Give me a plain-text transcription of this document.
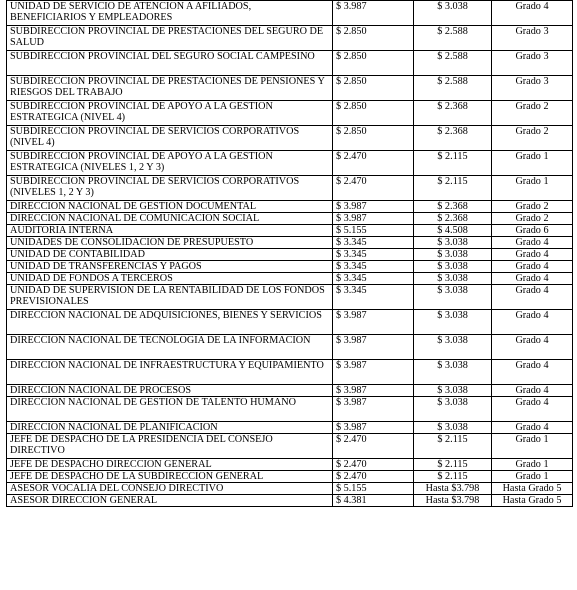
UNIDAD DE SERVICIO DE ATENCION A AFILIADOS, BENEFICIARIOS Y EMPLEADORES	$ 3.987	$ 3.038	Grado 4
SUBDIRECCION PROVINCIAL DE PRESTACIONES DEL SEGURO DE SALUD	$ 2.850	$ 2.588	Grado 3
SUBDIRECCION PROVINCIAL DEL SEGURO SOCIAL CAMPESINO	$ 2.850	$ 2.588	Grado 3
SUBDIRECCION PROVINCIAL DE PRESTACIONES DE PENSIONES Y RIESGOS DEL TRABAJO	$ 2.850	$ 2.588	Grado 3
SUBDIRECCION PROVINCIAL DE APOYO A LA GESTION ESTRATEGICA (NIVEL 4)	$ 2.850	$ 2.368	Grado 2
SUBDIRECCION PROVINCIAL DE SERVICIOS CORPORATIVOS (NIVEL 4)	$ 2.850	$ 2.368	Grado 2
SUBDIRECCION PROVINCIAL DE APOYO A LA GESTION ESTRATEGICA (NIVELES 1, 2 Y 3)	$ 2.470	$ 2.115	Grado 1
SUBDIRECCION PROVINCIAL DE SERVICIOS CORPORATIVOS (NIVELES 1, 2 Y 3)	$ 2.470	$ 2.115	Grado 1
DIRECCION NACIONAL DE GESTION DOCUMENTAL	$ 3.987	$ 2.368	Grado 2
DIRECCION NACIONAL DE COMUNICACION SOCIAL	$ 3.987	$ 2.368	Grado 2
AUDITORIA INTERNA	$ 5.155	$ 4.508	Grado 6
UNIDADES DE CONSOLIDACION DE PRESUPUESTO	$ 3.345	$ 3.038	Grado 4
UNIDAD DE CONTABILIDAD	$ 3.345	$ 3.038	Grado 4
UNIDAD DE TRANSFERENCIAS Y PAGOS	$ 3.345	$ 3.038	Grado 4
UNIDAD DE FONDOS A TERCEROS	$ 3.345	$ 3.038	Grado 4
UNIDAD DE SUPERVISION DE LA RENTABILIDAD DE LOS FONDOS PREVISIONALES	$ 3.345	$ 3.038	Grado 4
DIRECCION NACIONAL DE ADQUISICIONES, BIENES Y SERVICIOS	$ 3.987	$ 3.038	Grado 4
DIRECCION NACIONAL DE TECNOLOGIA DE LA INFORMACION	$ 3.987	$ 3.038	Grado 4
DIRECCION NACIONAL DE INFRAESTRUCTURA Y EQUIPAMIENTO	$ 3.987	$ 3.038	Grado 4
DIRECCION NACIONAL DE PROCESOS	$ 3.987	$ 3.038	Grado 4
DIRECCION NACIONAL DE GESTION DE TALENTO HUMANO	$ 3.987	$ 3.038	Grado 4
DIRECCION NACIONAL DE PLANIFICACION	$ 3.987	$ 3.038	Grado 4
JEFE DE DESPACHO DE LA PRESIDENCIA DEL CONSEJO DIRECTIVO	$ 2.470	$ 2.115	Grado 1
JEFE DE DESPACHO DIRECCION GENERAL	$ 2.470	$ 2.115	Grado 1
JEFE DE DESPACHO DE LA SUBDIRECCION GENERAL	$ 2.470	$ 2.115	Grado 1
ASESOR VOCALIA DEL CONSEJO DIRECTIVO	$ 5.155	Hasta $3.798	Hasta Grado 5
ASESOR DIRECCION GENERAL	$ 4.381	Hasta $3.798	Hasta Grado 5
